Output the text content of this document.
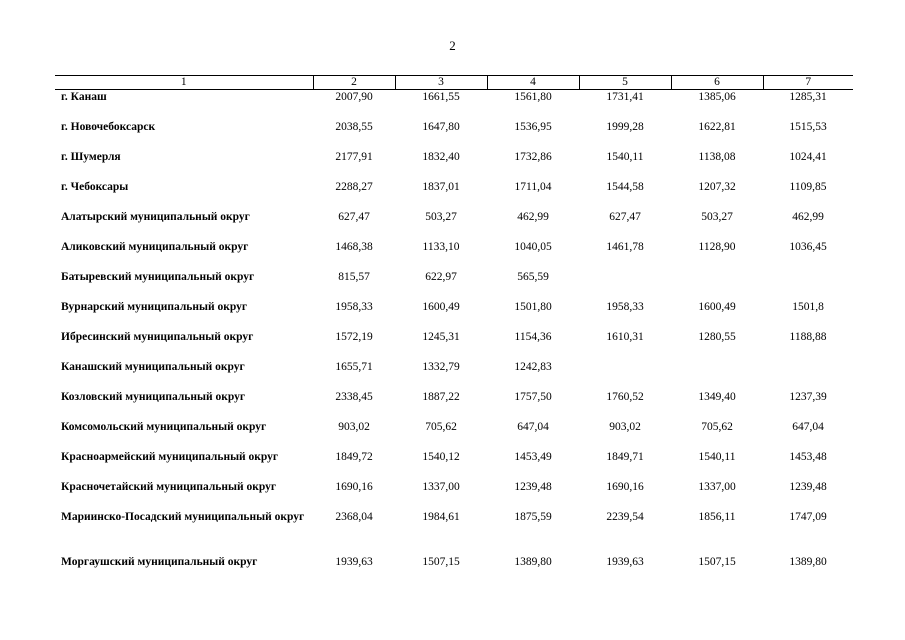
2
1	2	3	4	5	6	7
г. Канаш	2007,90	1661,55	1561,80	1731,41	1385,06	1285,31
г. Новочебоксарск	2038,55	1647,80	1536,95	1999,28	1622,81	1515,53
г. Шумерля	2177,91	1832,40	1732,86	1540,11	1138,08	1024,41
г. Чебоксары	2288,27	1837,01	1711,04	1544,58	1207,32	1109,85
Алатырский муниципальный округ	627,47	503,27	462,99	627,47	503,27	462,99
Аликовский муниципальный округ	1468,38	1133,10	1040,05	1461,78	1128,90	1036,45
Батыревский муниципальный округ	815,57	622,97	565,59			
Вурнарский муниципальный округ	1958,33	1600,49	1501,80	1958,33	1600,49	1501,8
Ибресинский муниципальный округ	1572,19	1245,31	1154,36	1610,31	1280,55	1188,88
Канашский муниципальный округ	1655,71	1332,79	1242,83			
Козловский муниципальный округ	2338,45	1887,22	1757,50	1760,52	1349,40	1237,39
Комсомольский муниципальный округ	903,02	705,62	647,04	903,02	705,62	647,04
Красноармейский муниципальный округ	1849,72	1540,12	1453,49	1849,71	1540,11	1453,48
Красночетайский муниципальный округ	1690,16	1337,00	1239,48	1690,16	1337,00	1239,48
Мариинско-Посадский муниципальный округ	2368,04	1984,61	1875,59	2239,54	1856,11	1747,09
Моргаушский муниципальный округ	1939,63	1507,15	1389,80	1939,63	1507,15	1389,80
